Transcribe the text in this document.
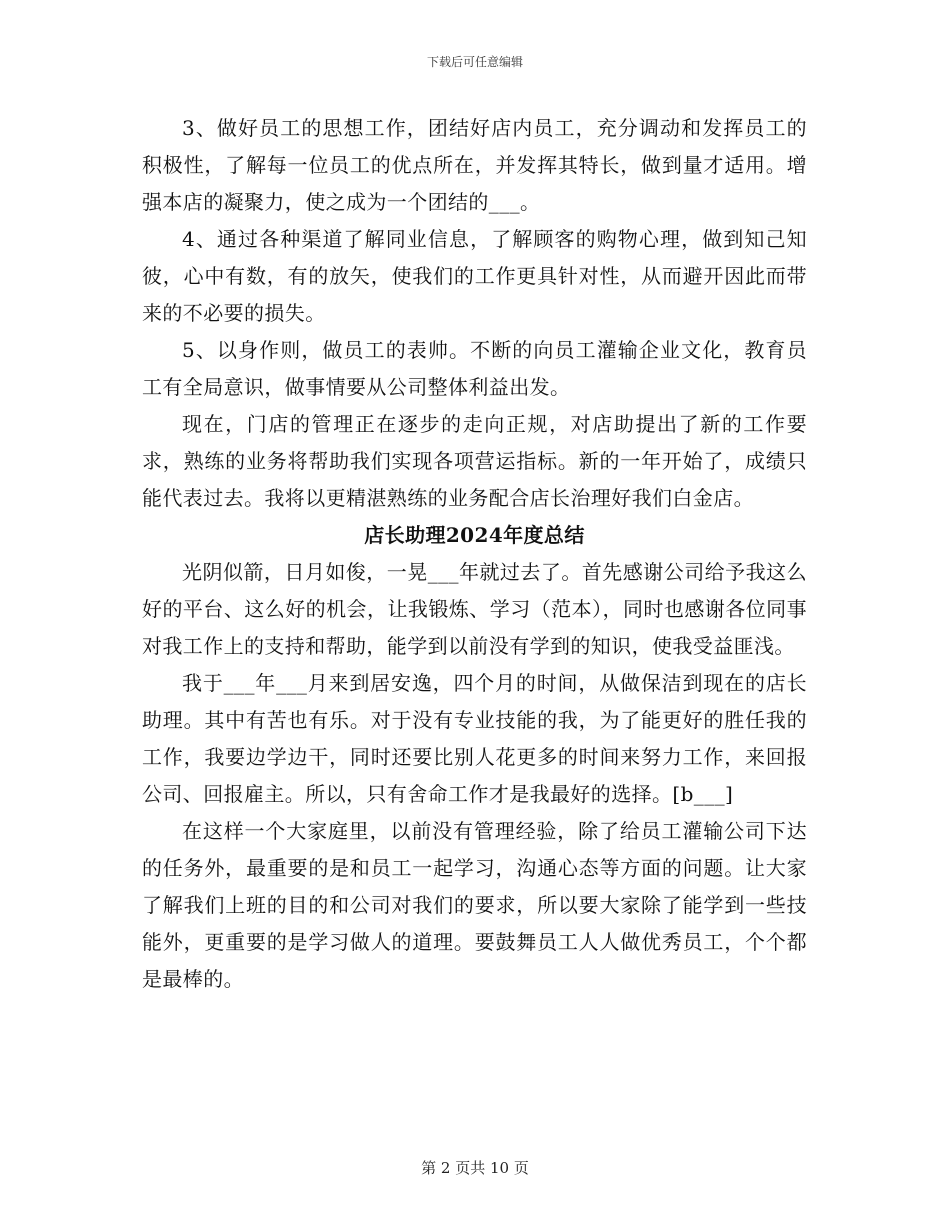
下载后可任意编辑

3、做好员工的思想工作，团结好店内员工，充分调动和发挥员工的积极性，了解每一位员工的优点所在，并发挥其特长，做到量才适用。增强本店的凝聚力，使之成为一个团结的___。

4、通过各种渠道了解同业信息，了解顾客的购物心理，做到知己知彼，心中有数，有的放矢，使我们的工作更具针对性，从而避开因此而带来的不必要的损失。

5、以身作则，做员工的表帅。不断的向员工灌输企业文化，教育员工有全局意识，做事情要从公司整体利益出发。

现在，门店的管理正在逐步的走向正规，对店助提出了新的工作要求，熟练的业务将帮助我们实现各项营运指标。新的一年开始了，成绩只能代表过去。我将以更精湛熟练的业务配合店长治理好我们白金店。

店长助理2024年度总结

光阴似箭，日月如俊，一晃___年就过去了。首先感谢公司给予我这么好的平台、这么好的机会，让我锻炼、学习（范本），同时也感谢各位同事对我工作上的支持和帮助，能学到以前没有学到的知识，使我受益匪浅。

我于___年___月来到居安逸，四个月的时间，从做保洁到现在的店长助理。其中有苦也有乐。对于没有专业技能的我，为了能更好的胜任我的工作，我要边学边干，同时还要比别人花更多的时间来努力工作，来回报公司、回报雇主。所以，只有舍命工作才是我最好的选择。[b___]

在这样一个大家庭里，以前没有管理经验，除了给员工灌输公司下达的任务外，最重要的是和员工一起学习，沟通心态等方面的问题。让大家了解我们上班的目的和公司对我们的要求，所以要大家除了能学到一些技能外，更重要的是学习做人的道理。要鼓舞员工人人做优秀员工，个个都是最棒的。

第 2 页共 10 页
